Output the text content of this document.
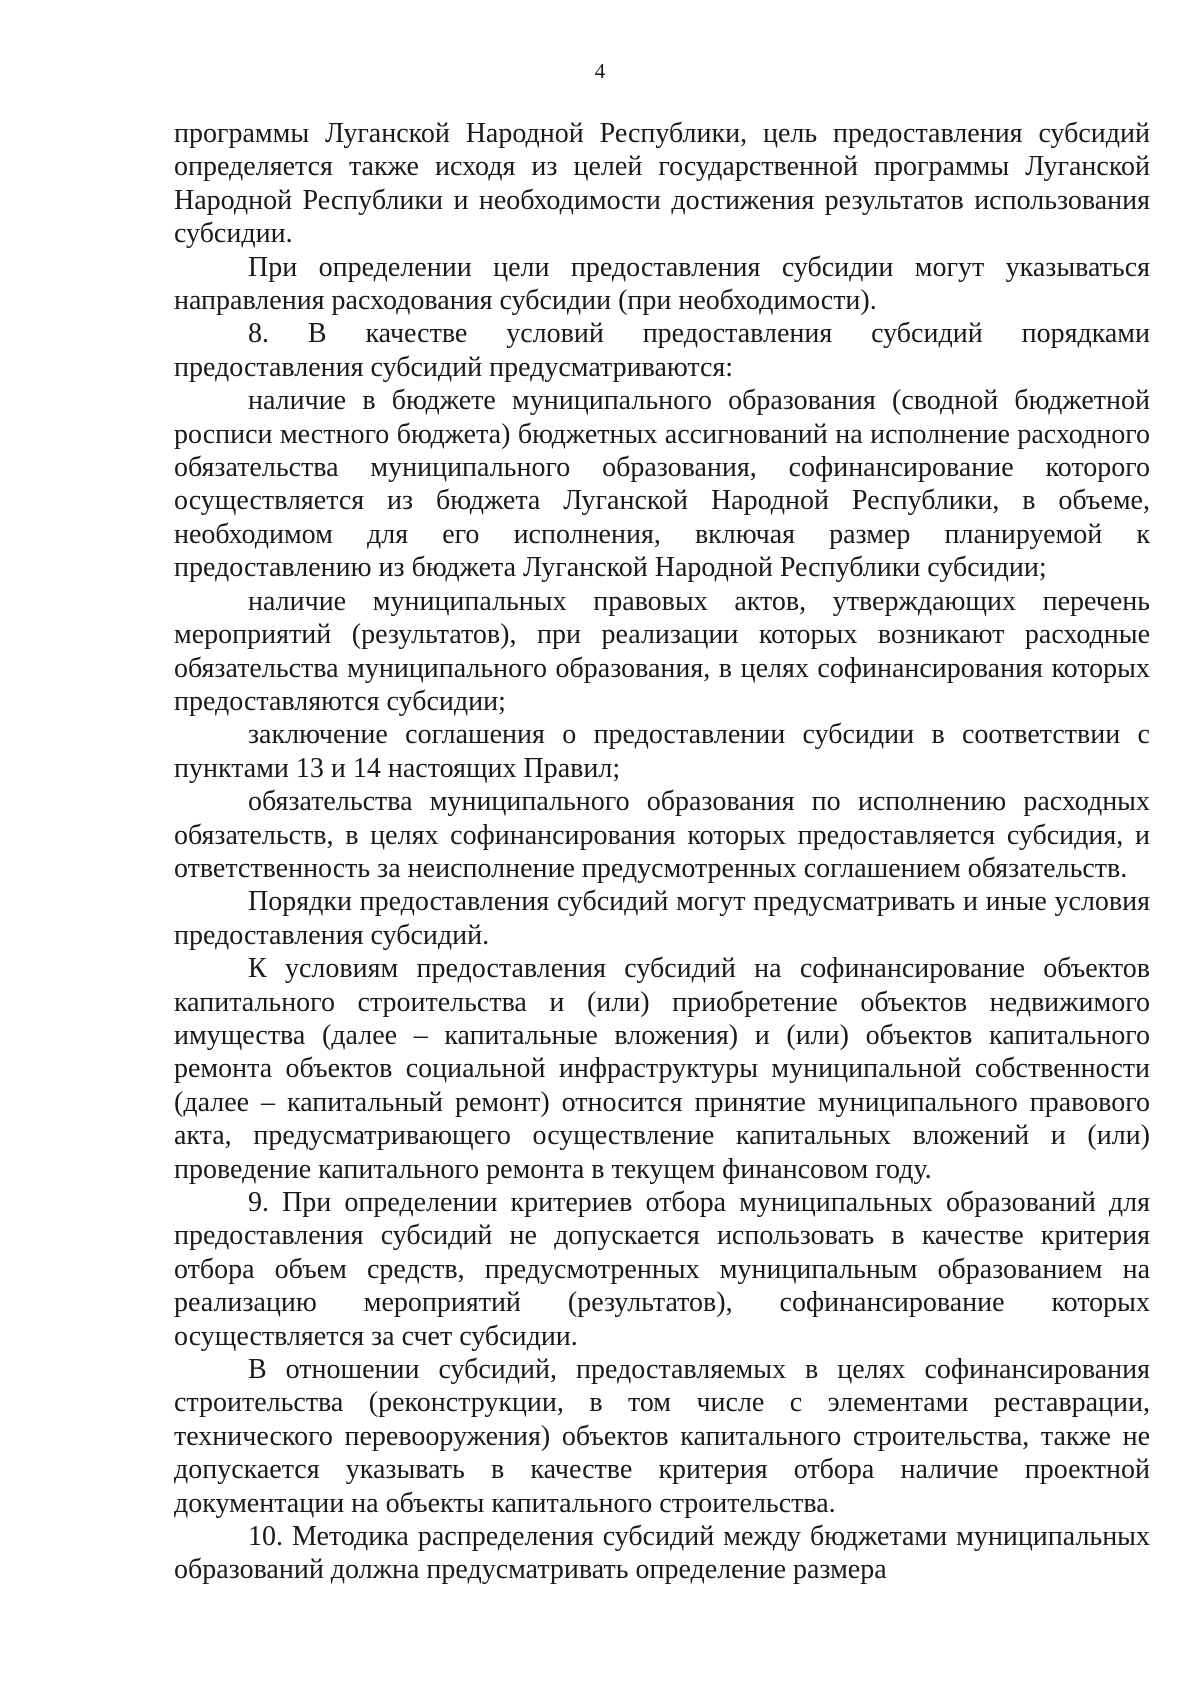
4

программы Луганской Народной Республики, цель предоставления субсидий определяется также исходя из целей государственной программы Луганской Народной Республики и необходимости достижения результатов использования субсидии.

При определении цели предоставления субсидии могут указываться направления расходования субсидии (при необходимости).

8. В качестве условий предоставления субсидий порядками предоставления субсидий предусматриваются:

наличие в бюджете муниципального образования (сводной бюджетной росписи местного бюджета) бюджетных ассигнований на исполнение расходного обязательства муниципального образования, софинансирование которого осуществляется из бюджета Луганской Народной Республики, в объеме, необходимом для его исполнения, включая размер планируемой к предоставлению из бюджета Луганской Народной Республики субсидии;

наличие муниципальных правовых актов, утверждающих перечень мероприятий (результатов), при реализации которых возникают расходные обязательства муниципального образования, в целях софинансирования которых предоставляются субсидии;

заключение соглашения о предоставлении субсидии в соответствии с пунктами 13 и 14 настоящих Правил;

обязательства муниципального образования по исполнению расходных обязательств, в целях софинансирования которых предоставляется субсидия, и ответственность за неисполнение предусмотренных соглашением обязательств.

Порядки предоставления субсидий могут предусматривать и иные условия предоставления субсидий.

К условиям предоставления субсидий на софинансирование объектов капитального строительства и (или) приобретение объектов недвижимого имущества (далее – капитальные вложения) и (или) объектов капитального ремонта объектов социальной инфраструктуры муниципальной собственности (далее – капитальный ремонт) относится принятие муниципального правового акта, предусматривающего осуществление капитальных вложений и (или) проведение капитального ремонта в текущем финансовом году.

9. При определении критериев отбора муниципальных образований для предоставления субсидий не допускается использовать в качестве критерия отбора объем средств, предусмотренных муниципальным образованием на реализацию мероприятий (результатов), софинансирование которых осуществляется за счет субсидии.

В отношении субсидий, предоставляемых в целях софинансирования строительства (реконструкции, в том числе с элементами реставрации, технического перевооружения) объектов капитального строительства, также не допускается указывать в качестве критерия отбора наличие проектной документации на объекты капитального строительства.

10. Методика распределения субсидий между бюджетами муниципальных образований должна предусматривать определение размера
